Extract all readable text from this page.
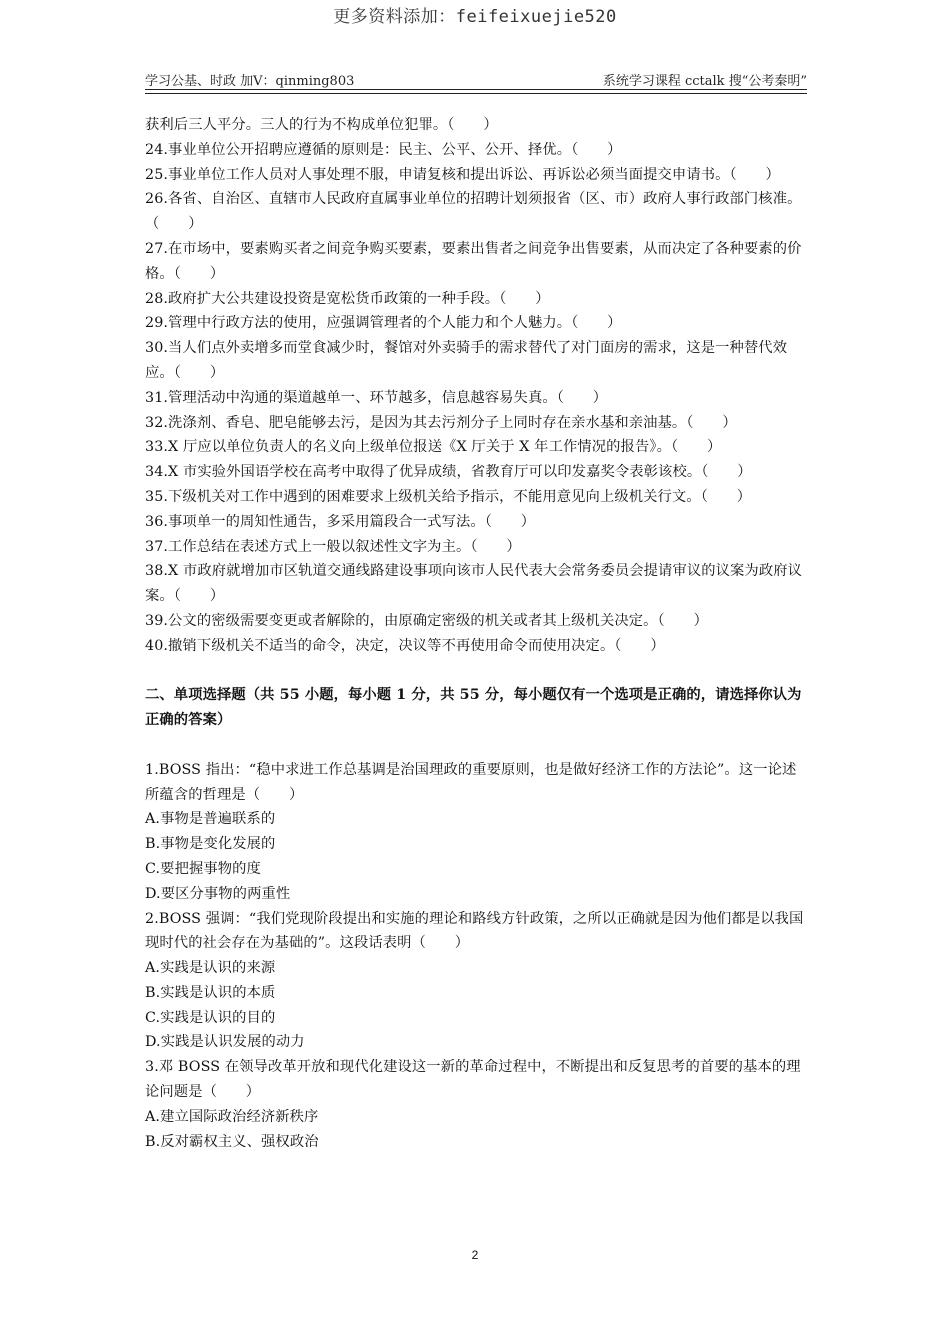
更多资料添加：feifeixuejie520
学习公基、时政 加V：qinming803	系统学习课程 cctalk 搜“公考秦明”

获利后三人平分。三人的行为不构成单位犯罪。（　　）

24.事业单位公开招聘应遵循的原则是：民主、公平、公开、择优。（　　）

25.事业单位工作人员对人事处理不服，申请复核和提出诉讼、再诉讼必须当面提交申请书。（　　）

26.各省、自治区、直辖市人民政府直属事业单位的招聘计划须报省（区、市）政府人事行政部门核准。（　　）

27.在市场中，要素购买者之间竞争购买要素，要素出售者之间竞争出售要素，从而决定了各种要素的价格。（　　）

28.政府扩大公共建设投资是宽松货币政策的一种手段。（　　）

29.管理中行政方法的使用，应强调管理者的个人能力和个人魅力。（　　）

30.当人们点外卖增多而堂食减少时，餐馆对外卖骑手的需求替代了对门面房的需求，这是一种替代效应。（　　）

31.管理活动中沟通的渠道越单一、环节越多，信息越容易失真。（　　）

32.洗涤剂、香皂、肥皂能够去污，是因为其去污剂分子上同时存在亲水基和亲油基。（　　）

33.X 厅应以单位负责人的名义向上级单位报送《X 厅关于 X 年工作情况的报告》。（　　）

34.X 市实验外国语学校在高考中取得了优异成绩，省教育厅可以印发嘉奖令表彰该校。（　　）

35.下级机关对工作中遇到的困难要求上级机关给予指示，不能用意见向上级机关行文。（　　）

36.事项单一的周知性通告，多采用篇段合一式写法。（　　）

37.工作总结在表述方式上一般以叙述性文字为主。（　　）

38.X 市政府就增加市区轨道交通线路建设事项向该市人民代表大会常务委员会提请审议的议案为政府议案。（　　）

39.公文的密级需要变更或者解除的，由原确定密级的机关或者其上级机关决定。（　　）

40.撤销下级机关不适当的命令，决定，决议等不再使用命令而使用决定。（　　）

二、单项选择题（共 55 小题，每小题 1 分，共 55 分，每小题仅有一个选项是正确的，请选择你认为正确的答案）

1.BOSS 指出：“稳中求进工作总基调是治国理政的重要原则，也是做好经济工作的方法论”。这一论述所蕴含的哲理是（　　）

A.事物是普遍联系的

B.事物是变化发展的

C.要把握事物的度

D.要区分事物的两重性

2.BOSS 强调：“我们党现阶段提出和实施的理论和路线方针政策，之所以正确就是因为他们都是以我国现时代的社会存在为基础的”。这段话表明（　　）

A.实践是认识的来源

B.实践是认识的本质

C.实践是认识的目的

D.实践是认识发展的动力

3.邓 BOSS 在领导改革开放和现代化建设这一新的革命过程中，不断提出和反复思考的首要的基本的理论问题是（　　）

A.建立国际政治经济新秩序

B.反对霸权主义、强权政治

2
